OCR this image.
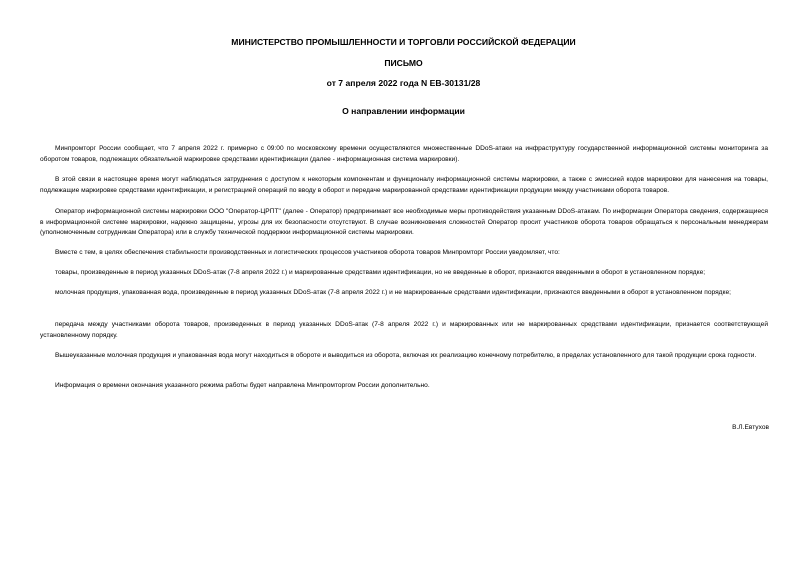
МИНИСТЕРСТВО ПРОМЫШЛЕННОСТИ И ТОРГОВЛИ РОССИЙСКОЙ ФЕДЕРАЦИИ
ПИСЬМО
от 7 апреля 2022 года N ЕВ-30131/28
О направлении информации

Минпромторг России сообщает, что 7 апреля 2022 г. примерно с 09:00 по московскому времени осуществляются множественные DDoS-атаки на инфраструктуру государственной информационной системы мониторинга за оборотом товаров, подлежащих обязательной маркировке средствами идентификации (далее - информационная система маркировки).

В этой связи в настоящее время могут наблюдаться затруднения с доступом к некоторым компонентам и функционалу информационной системы маркировки, а также с эмиссией кодов маркировки для нанесения на товары, подлежащие маркировке средствами идентификации, и регистрацией операций по вводу в оборот и передаче маркированной средствами идентификации продукции между участниками оборота товаров.

Оператор информационной системы маркировки ООО "Оператор-ЦРПТ" (далее - Оператор) предпринимает все необходимые меры противодействия указанным DDoS-атакам. По информации Оператора сведения, содержащиеся в информационной системе маркировки, надежно защищены, угрозы для их безопасности отсутствуют. В случае возникновения сложностей Оператор просит участников оборота товаров обращаться к персональным менеджерам (уполномоченным сотрудникам Оператора) или в службу технической поддержки информационной системы маркировки.

Вместе с тем, в целях обеспечения стабильности производственных и логистических процессов участников оборота товаров Минпромторг России уведомляет, что:

товары, произведенные в период указанных DDoS-атак (7-8 апреля 2022 г.) и маркированные средствами идентификации, но не введенные в оборот, признаются введенными в оборот в установленном порядке;

молочная продукция, упакованная вода, произведенные в период указанных DDoS-атак (7-8 апреля 2022 г.) и не маркированные средствами идентификации, признаются введенными в оборот в установленном порядке;

передача между участниками оборота товаров, произведенных в период указанных DDoS-атак (7-8 апреля 2022 г.) и маркированных или не маркированных средствами идентификации, признается соответствующей установленному порядку.

Вышеуказанные молочная продукция и упакованная вода могут находиться в обороте и выводиться из оборота, включая их реализацию конечному потребителю, в пределах установленного для такой продукции срока годности.

Информация о времени окончания указанного режима работы будет направлена Минпромторгом России дополнительно.

В.Л.Евтухов
